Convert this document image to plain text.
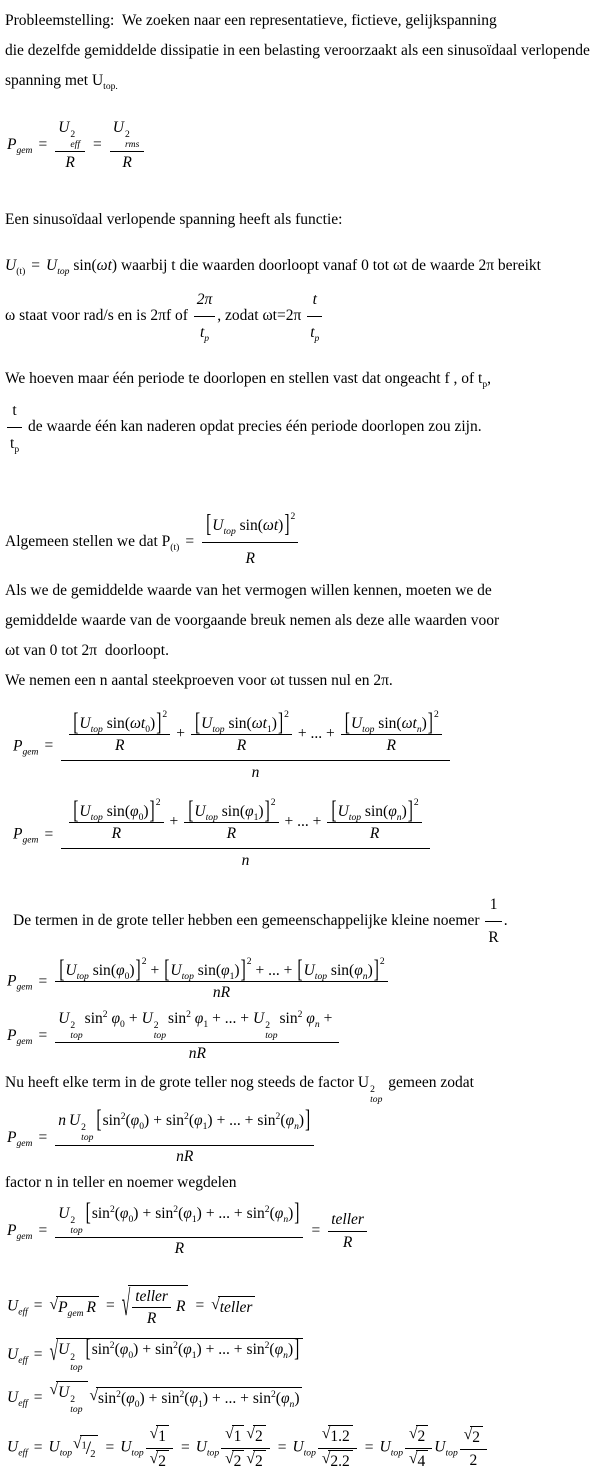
Probleemstelling:  We zoeken naar een representatieve, fictieve, gelijkspanning
die dezelfde gemiddelde dissipatie in een belasting veroorzaakt als een sinusoïdaal verlopende
spanning met $U_{top.}$
$P_{gem} = U$ 2
eff
R = U 2
rms
R
Een sinusoïdaal verlopende spanning heeft als functie:
$U_{(t)} = U_{top}$ sin(ωt) waarbij t die waarden doorloopt vanaf 0 tot ωt de waarde 2π bereikt
ω staat voor rad/s en is 2πf of $\frac{2\pi}{t_p}$ , zodat $\omega t=2\pi \frac{t}{t_p}$
We hoeven maar één periode te doorlopen en stellen vast dat ongeacht f , of $t_p$,
$\frac{t}{t_p}$ de waarde één kan naderen opdat precies één periode doorlopen zou zijn.
Algemeen stellen we dat $P_{(t)} = \frac{[U_{top} \sin(\omega t)]^2}{R}$
Als we de gemiddelde waarde van het vermogen willen kennen, moeten we de
gemiddelde waarde van de voorgaande breuk nemen als deze alle waarden voor
ωt van 0 tot 2π  doorloopt.
We nemen een n aantal steekproeven voor ωt tussen nul en 2π.
$P_{gem} = \frac{\frac{[U_{top} \sin(\omega t_0)]^2}{R} + \frac{[U_{top} \sin(\omega t_1)]^2}{R} + ... + \frac{[U_{top} \sin(\omega t_n)]^2}{R}}{n}$
$P_{gem} = \frac{\frac{[U_{top} \sin(\varphi_0)]^2}{R} + \frac{[U_{top} \sin(\varphi_1)]^2}{R} + ... + \frac{[U_{top} \sin(\varphi_n)]^2}{R}}{n}$
De termen in de grote teller hebben een gemeenschappelijke kleine noemer $\frac{1}{R}$ .
$P_{gem} = \frac{[U_{top} \sin(\varphi_0)]^2+ [U_{top} \sin(\varphi_1)]^2+ ... + [U_{top} \sin(\varphi_n)]^2}{nR}$
$P_{gem} = U$ 2
top
$\sin^2 \varphi_0 + U$ 2
top
$\sin^2 \varphi_1$ + ... + U 2
top
$\sin^2 \varphi_n$ +
nR
Nu heeft elke term in de grote teller nog steeds de factor U 2
top
gemeen zodat
$P_{gem} = n$ U 2
top
[$\sin^2(\varphi_0) + \sin^2(\varphi_1)$ + ... + $\sin^2(\varphi_n)$]
nR
factor n in teller en noemer wegdelen
$P_{gem} = U$ 2
top
[$\sin^2(\varphi_0) + \sin^2(\varphi_1)$ + ... + $\sin^2(\varphi_n)$]
$R = \frac{\text{teller}}{R}$
$U_{eff} = √P_{gem}$ R = √ $\frac{\text{teller}}{R}$ R = √teller
$U_{eff} = √U$ 2
top
[$\sin^2(\varphi_0) + \sin^2(\varphi_1)$ + ... + $\sin^2(\varphi_n)$]
$U_{eff} = √U$ 2
top
$√\sin^2(\varphi_0) + \sin^2(\varphi_1)$ + ... + $\sin^2(\varphi_n)$
$U_{eff} = U_{top}√^1/_2 = U_{top} \frac{√1}{√2} = U_{top} \frac{√1 √2}{√2 √2} = U_{top} \frac{√1.2}{√2.2} = U_{top} \frac{√2}{√4} U_{top} \frac{√2}{2}$
